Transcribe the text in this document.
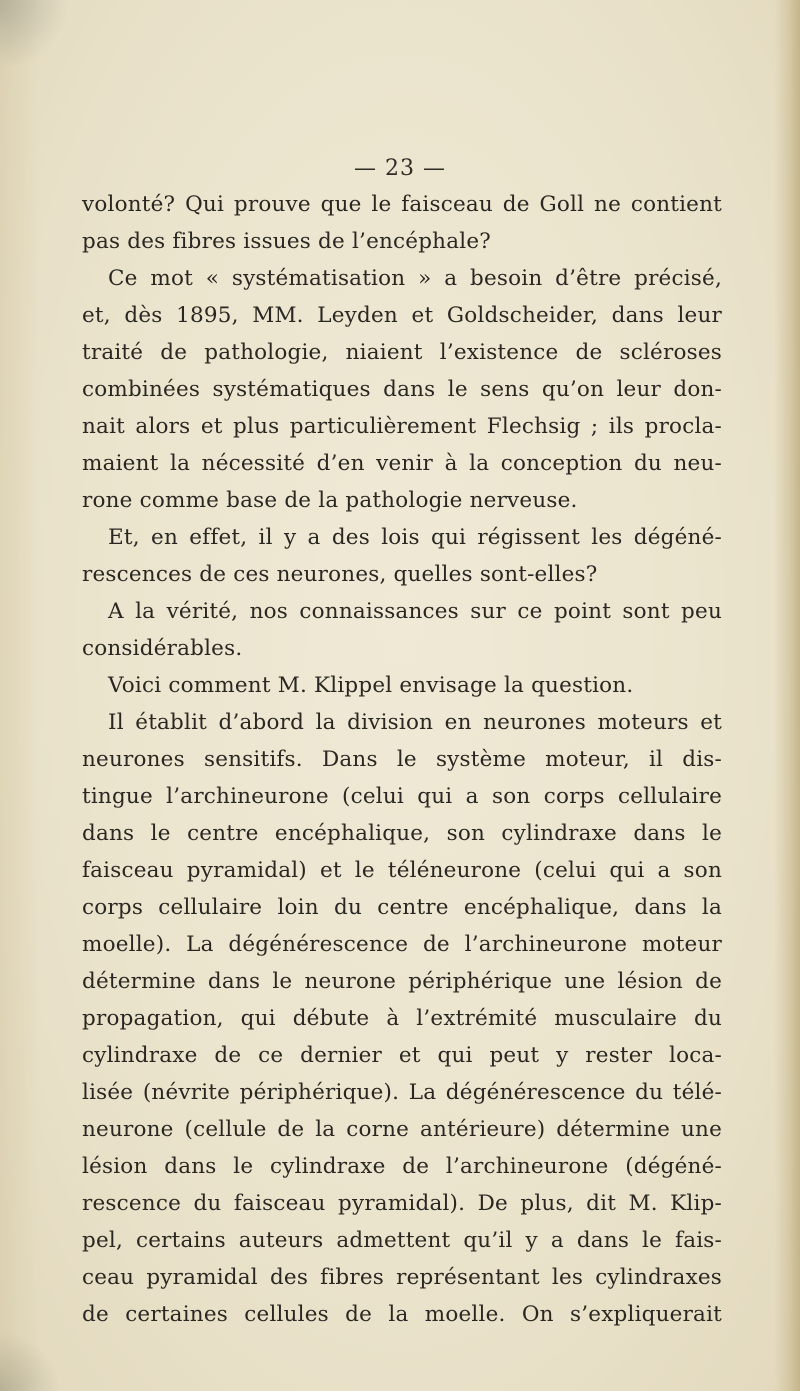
— 23 —
volonté? Qui prouve que le faisceau de Goll ne contient
pas des fibres issues de l’encéphale?
Ce mot « systématisation » a besoin d’être précisé,
et, dès 1895, MM. Leyden et Goldscheider, dans leur
traité de pathologie, niaient l’existence de scléroses
combinées systématiques dans le sens qu’on leur don-
nait alors et plus particulièrement Flechsig ; ils procla-
maient la nécessité d’en venir à la conception du neu-
rone comme base de la pathologie nerveuse.
Et, en effet, il y a des lois qui régissent les dégéné-
rescences de ces neurones, quelles sont-elles?
A la vérité, nos connaissances sur ce point sont peu
considérables.
Voici comment M. Klippel envisage la question.
Il établit d’abord la division en neurones moteurs et
neurones sensitifs. Dans le système moteur, il dis-
tingue l’archineurone (celui qui a son corps cellulaire
dans le centre encéphalique, son cylindraxe dans le
faisceau pyramidal) et le téléneurone (celui qui a son
corps cellulaire loin du centre encéphalique, dans la
moelle). La dégénérescence de l’archineurone moteur
détermine dans le neurone périphérique une lésion de
propagation, qui débute à l’extrémité musculaire du
cylindraxe de ce dernier et qui peut y rester loca-
lisée (névrite périphérique). La dégénérescence du télé-
neurone (cellule de la corne antérieure) détermine une
lésion dans le cylindraxe de l’archineurone (dégéné-
rescence du faisceau pyramidal). De plus, dit M. Klip-
pel, certains auteurs admettent qu’il y a dans le fais-
ceau pyramidal des fibres représentant les cylindraxes
de certaines cellules de la moelle. On s’expliquerait
